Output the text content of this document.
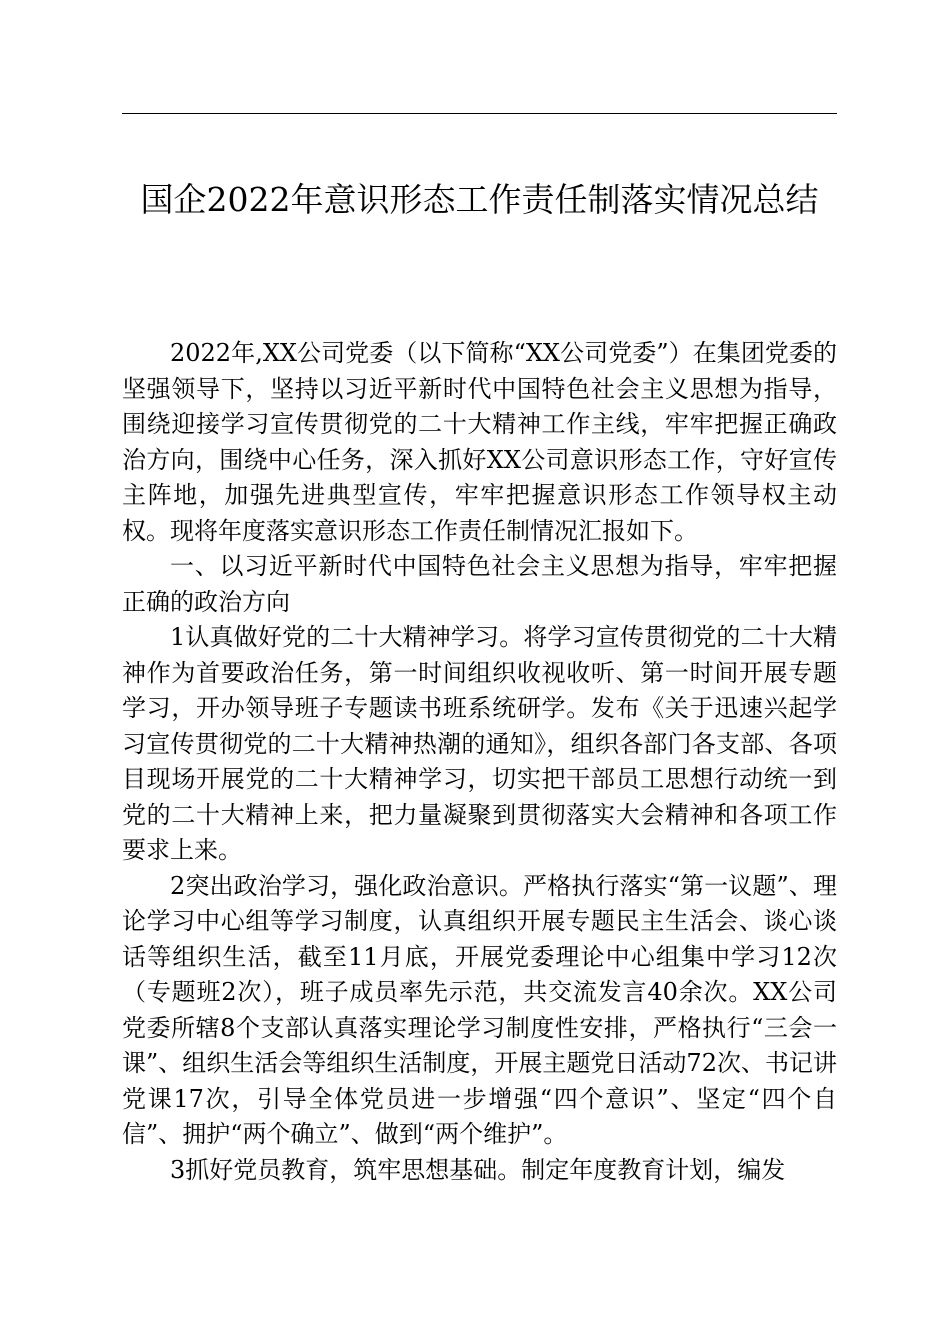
国企2022年意识形态工作责任制落实情况总结

2022年,XX公司党委（以下简称“XX公司党委”）在集团党委的坚强领导下，坚持以习近平新时代中国特色社会主义思想为指导，围绕迎接学习宣传贯彻党的二十大精神工作主线，牢牢把握正确政治方向，围绕中心任务，深入抓好XX公司意识形态工作，守好宣传主阵地，加强先进典型宣传，牢牢把握意识形态工作领导权主动权。现将年度落实意识形态工作责任制情况汇报如下。

一、以习近平新时代中国特色社会主义思想为指导，牢牢把握正确的政治方向

1认真做好党的二十大精神学习。将学习宣传贯彻党的二十大精神作为首要政治任务，第一时间组织收视收听、第一时间开展专题学习，开办领导班子专题读书班系统研学。发布《关于迅速兴起学习宣传贯彻党的二十大精神热潮的通知》，组织各部门各支部、各项目现场开展党的二十大精神学习，切实把干部员工思想行动统一到党的二十大精神上来，把力量凝聚到贯彻落实大会精神和各项工作要求上来。

2突出政治学习，强化政治意识。严格执行落实“第一议题”、理论学习中心组等学习制度，认真组织开展专题民主生活会、谈心谈话等组织生活，截至11月底，开展党委理论中心组集中学习12次（专题班2次），班子成员率先示范，共交流发言40余次。XX公司党委所辖8个支部认真落实理论学习制度性安排，严格执行“三会一课”、组织生活会等组织生活制度，开展主题党日活动72次、书记讲党课17次，引导全体党员进一步增强“四个意识”、坚定“四个自信”、拥护“两个确立”、做到“两个维护”。

3抓好党员教育，筑牢思想基础。制定年度教育计划，编发
